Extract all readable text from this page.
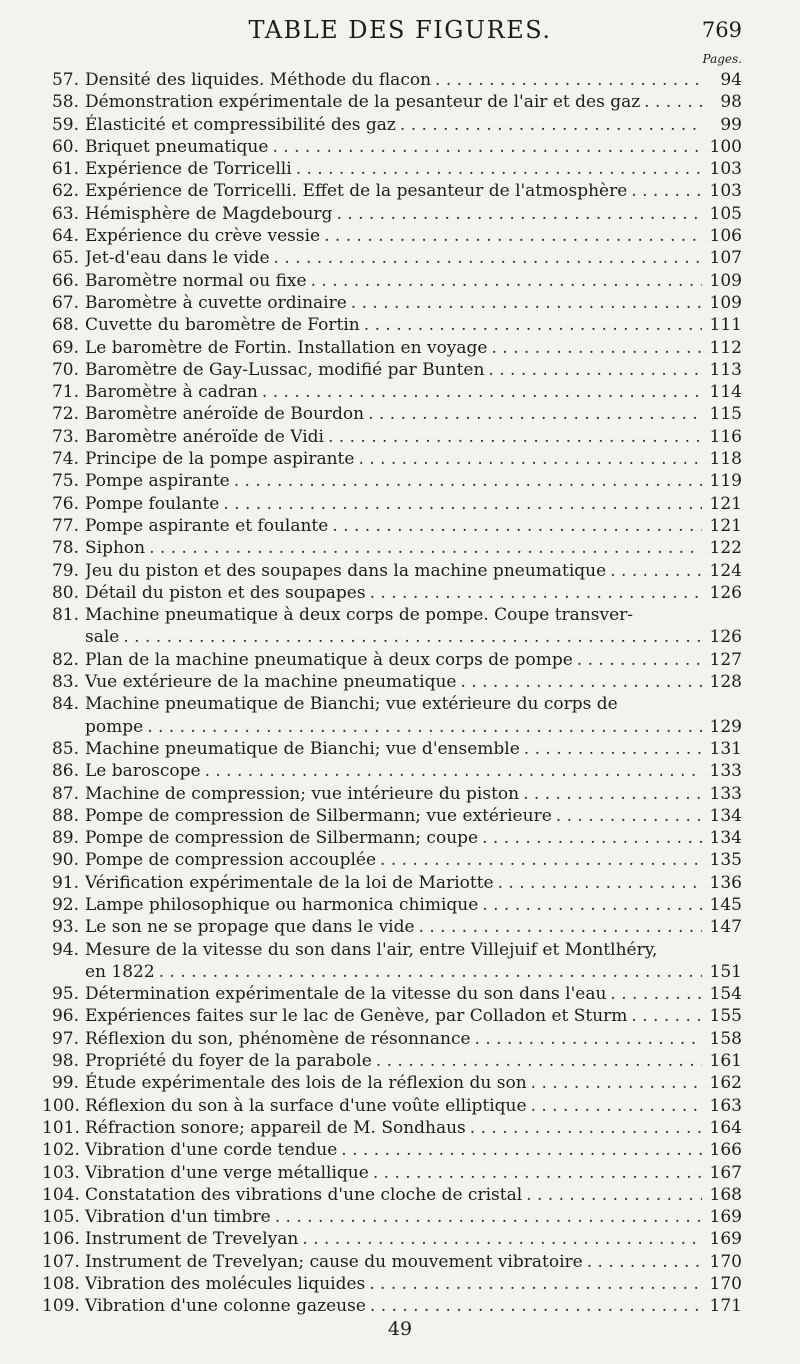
TABLE DES FIGURES.	769
Pages.
57. Densité des liquides. Méthode du flacon . . .	94
58. Démonstration expérimentale de la pesanteur de l'air et des gaz . . .	98
59. Élasticité et compressibilité des gaz . . .	99
60. Briquet pneumatique . . .	100
61. Expérience de Torricelli . . .	103
62. Expérience de Torricelli. Effet de la pesanteur de l'atmosphère . . .	103
63. Hémisphère de Magdebourg . . .	105
64. Expérience du crève vessie . . .	106
65. Jet-d'eau dans le vide . . .	107
66. Baromètre normal ou fixe . . .	109
67. Baromètre à cuvette ordinaire . . .	109
68. Cuvette du baromètre de Fortin . . .	111
69. Le baromètre de Fortin. Installation en voyage . . .	112
70. Baromètre de Gay-Lussac, modifié par Bunten . . .	113
71. Baromètre à cadran . . .	114
72. Baromètre anéroïde de Bourdon . . .	115
73. Baromètre anéroïde de Vidi . . .	116
74. Principe de la pompe aspirante . . .	118
75. Pompe aspirante . . .	119
76. Pompe foulante . . .	121
77. Pompe aspirante et foulante . . .	121
78. Siphon . . .	122
79. Jeu du piston et des soupapes dans la machine pneumatique . . .	124
80. Détail du piston et des soupapes . . .	126
81. Machine pneumatique à deux corps de pompe. Coupe transver-
sale . . .	126
82. Plan de la machine pneumatique à deux corps de pompe . . .	127
83. Vue extérieure de la machine pneumatique . . .	128
84. Machine pneumatique de Bianchi; vue extérieure du corps de
pompe . . .	129
85. Machine pneumatique de Bianchi; vue d'ensemble . . .	131
86. Le baroscope . . .	133
87. Machine de compression; vue intérieure du piston . . .	133
88. Pompe de compression de Silbermann; vue extérieure . . .	134
89. Pompe de compression de Silbermann; coupe . . .	134
90. Pompe de compression accouplée . . .	135
91. Vérification expérimentale de la loi de Mariotte . . .	136
92. Lampe philosophique ou harmonica chimique . . .	145
93. Le son ne se propage que dans le vide . . .	147
94. Mesure de la vitesse du son dans l'air, entre Villejuif et Montlhéry,
en 1822 . . .	151
95. Détermination expérimentale de la vitesse du son dans l'eau . . .	154
96. Expériences faites sur le lac de Genève, par Colladon et Sturm . . .	155
97. Réflexion du son, phénomène de résonnance . . .	158
98. Propriété du foyer de la parabole . . .	161
99. Étude expérimentale des lois de la réflexion du son . . .	162
100. Réflexion du son à la surface d'une voûte elliptique . . .	163
101. Réfraction sonore; appareil de M. Sondhaus . . .	164
102. Vibration d'une corde tendue . . .	166
103. Vibration d'une verge métallique . . .	167
104. Constatation des vibrations d'une cloche de cristal . . .	168
105. Vibration d'un timbre . . .	169
106. Instrument de Trevelyan . . .	169
107. Instrument de Trevelyan; cause du mouvement vibratoire . . .	170
108. Vibration des molécules liquides . . .	170
109. Vibration d'une colonne gazeuse . . .	171
49
